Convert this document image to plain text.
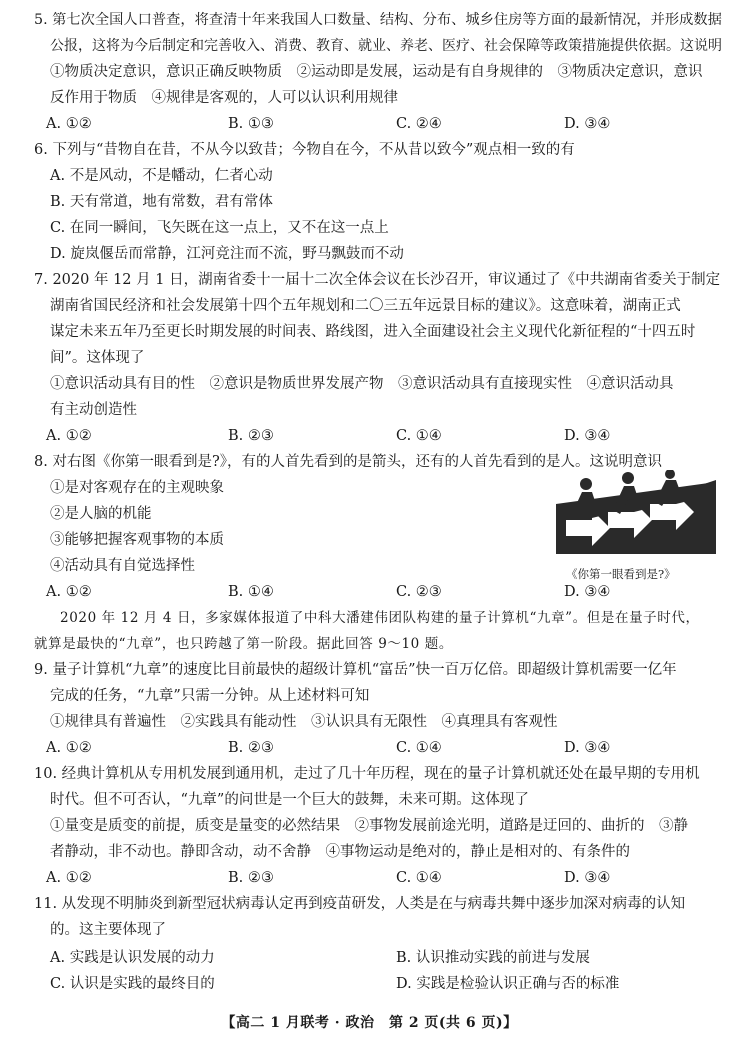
5. 第七次全国人口普查，将查清十年来我国人口数量、结构、分布、城乡住房等方面的最新情况，并形成数据
公报，这将为今后制定和完善收入、消费、教育、就业、养老、医疗、社会保障等政策措施提供依据。这说明
①物质决定意识，意识正确反映物质　②运动即是发展，运动是有自身规律的　③物质决定意识，意识
反作用于物质　④规律是客观的，人可以认识利用规律
A. ①②	B. ①③	C. ②④	D. ③④
6. 下列与“昔物自在昔，不从今以致昔；今物自在今，不从昔以致今”观点相一致的有
A. 不是风动，不是幡动，仁者心动
B. 天有常道，地有常数，君有常体
C. 在同一瞬间，飞矢既在这一点上，又不在这一点上
D. 旋岚偃岳而常静，江河竞注而不流，野马飘鼓而不动
7. 2020 年 12 月 1 日，湖南省委十一届十二次全体会议在长沙召开，审议通过了《中共湖南省委关于制定
湖南省国民经济和社会发展第十四个五年规划和二〇三五年远景目标的建议》。这意味着，湖南正式
谋定未来五年乃至更长时期发展的时间表、路线图，进入全面建设社会主义现代化新征程的“十四五时
间”。这体现了
①意识活动具有目的性　②意识是物质世界发展产物　③意识活动具有直接现实性　④意识活动具
有主动创造性
A. ①②	B. ②③	C. ①④	D. ③④
8. 对右图《你第一眼看到是?》，有的人首先看到的是箭头，还有的人首先看到的是人。这说明意识
①是对客观存在的主观映象
②是人脑的机能
③能够把握客观事物的本质
④活动具有自觉选择性	《你第一眼看到是?》
A. ①②	B. ①④	C. ②③	D. ③④
2020 年 12 月 4 日，多家媒体报道了中科大潘建伟团队构建的量子计算机“九章”。但是在量子时代，
就算是最快的“九章”，也只跨越了第一阶段。据此回答 9～10 题。
9. 量子计算机“九章”的速度比目前最快的超级计算机“富岳”快一百万亿倍。即超级计算机需要一亿年
完成的任务，“九章”只需一分钟。从上述材料可知
①规律具有普遍性　②实践具有能动性　③认识具有无限性　④真理具有客观性
A. ①②	B. ②③	C. ①④	D. ③④
10. 经典计算机从专用机发展到通用机，走过了几十年历程，现在的量子计算机就还处在最早期的专用机
时代。但不可否认，“九章”的问世是一个巨大的鼓舞，未来可期。这体现了
①量变是质变的前提，质变是量变的必然结果　②事物发展前途光明，道路是迂回的、曲折的　③静
者静动，非不动也。静即含动，动不舍静　④事物运动是绝对的，静止是相对的、有条件的
A. ①②	B. ②③	C. ①④	D. ③④
11. 从发现不明肺炎到新型冠状病毒认定再到疫苗研发，人类是在与病毒共舞中逐步加深对病毒的认知
的。这主要体现了
A. 实践是认识发展的动力	B. 认识推动实践的前进与发展
C. 认识是实践的最终目的	D. 实践是检验认识正确与否的标准
【高二 1 月联考 · 政治　第 2 页(共 6 页)】
